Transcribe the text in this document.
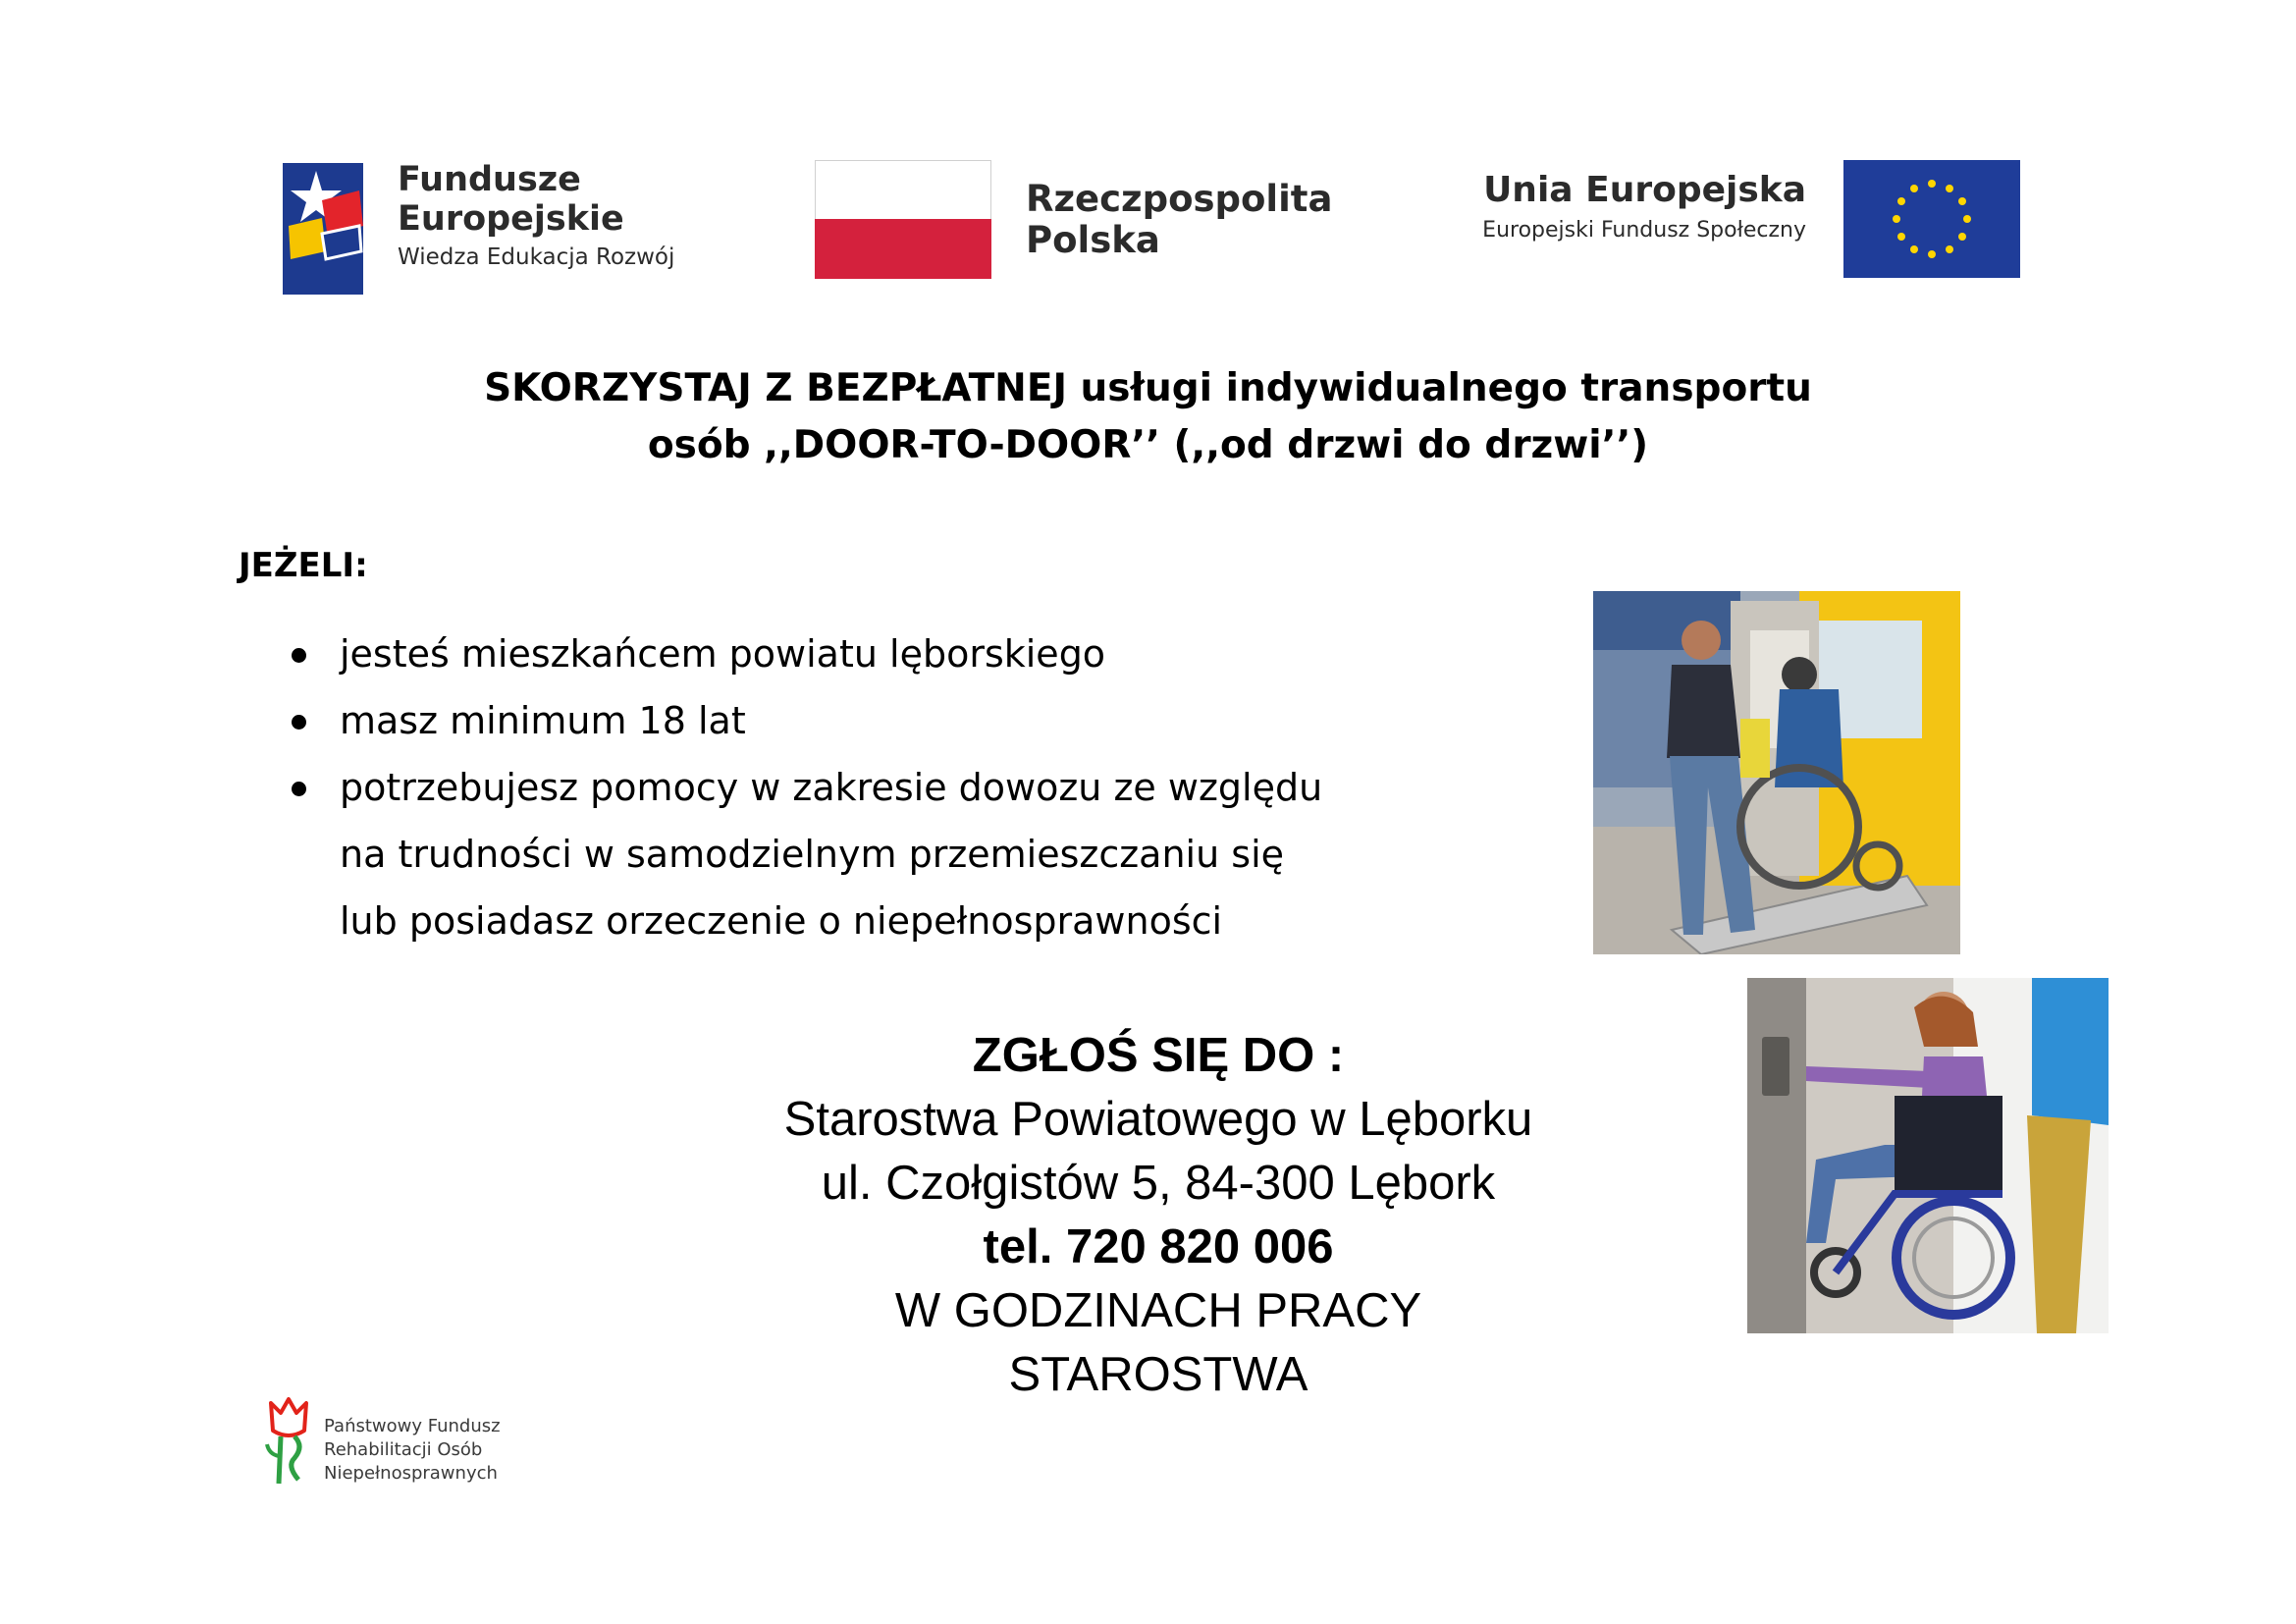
Fundusze
Europejskie
Wiedza Edukacja Rozwój
Rzeczpospolita
Polska
Unia Europejska
Europejski Fundusz Społeczny
SKORZYSTAJ Z BEZPŁATNEJ usługi indywidualnego transportu
osób ,,DOOR-TO-DOOR’’ (,,od drzwi do drzwi’’)
JEŻELI:
jesteś mieszkańcem powiatu lęborskiego
masz minimum 18 lat
potrzebujesz pomocy w zakresie dowozu ze względu
na trudności w samodzielnym przemieszczaniu się
lub posiadasz orzeczenie o niepełnosprawności
ZGŁOŚ SIĘ DO :
Starostwa Powiatowego w Lęborku
ul. Czołgistów 5, 84-300 Lębork
tel. 720 820 006
W GODZINACH PRACY
STAROSTWA
Państwowy Fundusz
Rehabilitacji Osób
Niepełnosprawnych
